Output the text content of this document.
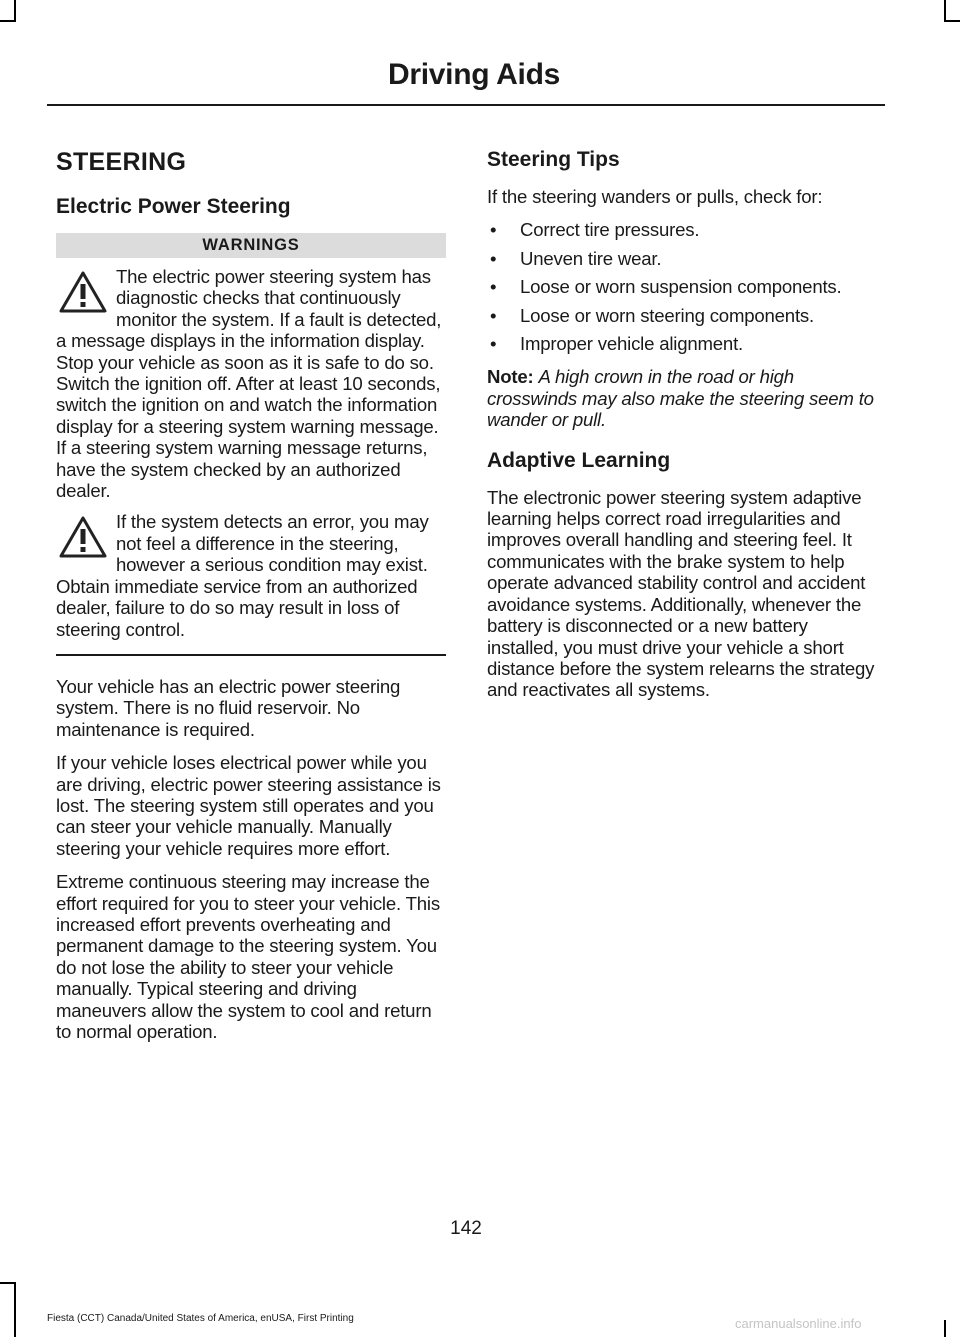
Driving Aids
STEERING
Electric Power Steering
WARNINGS
The electric power steering system has diagnostic checks that continuously monitor the system. If a fault is detected, a message displays in the information display. Stop your vehicle as soon as it is safe to do so. Switch the ignition off. After at least 10 seconds, switch the ignition on and watch the information display for a steering system warning message. If a steering system warning message returns, have the system checked by an authorized dealer.
If the system detects an error, you may not feel a difference in the steering, however a serious condition may exist. Obtain immediate service from an authorized dealer, failure to do so may result in loss of steering control.

Your vehicle has an electric power steering system. There is no fluid reservoir. No maintenance is required.

If your vehicle loses electrical power while you are driving, electric power steering assistance is lost. The steering system still operates and you can steer your vehicle manually. Manually steering your vehicle requires more effort.

Extreme continuous steering may increase the effort required for you to steer your vehicle. This increased effort prevents overheating and permanent damage to the steering system. You do not lose the ability to steer your vehicle manually. Typical steering and driving maneuvers allow the system to cool and return to normal operation.

Steering Tips

If the steering wanders or pulls, check for:

• Correct tire pressures.
• Uneven tire wear.
• Loose or worn suspension components.
• Loose or worn steering components.
• Improper vehicle alignment.

Note: A high crown in the road or high crosswinds may also make the steering seem to wander or pull.

Adaptive Learning

The electronic power steering system adaptive learning helps correct road irregularities and improves overall handling and steering feel. It communicates with the brake system to help operate advanced stability control and accident avoidance systems. Additionally, whenever the battery is disconnected or a new battery installed, you must drive your vehicle a short distance before the system relearns the strategy and reactivates all systems.

142
Fiesta (CCT) Canada/United States of America, enUSA, First Printing	carmanualsonline.info
